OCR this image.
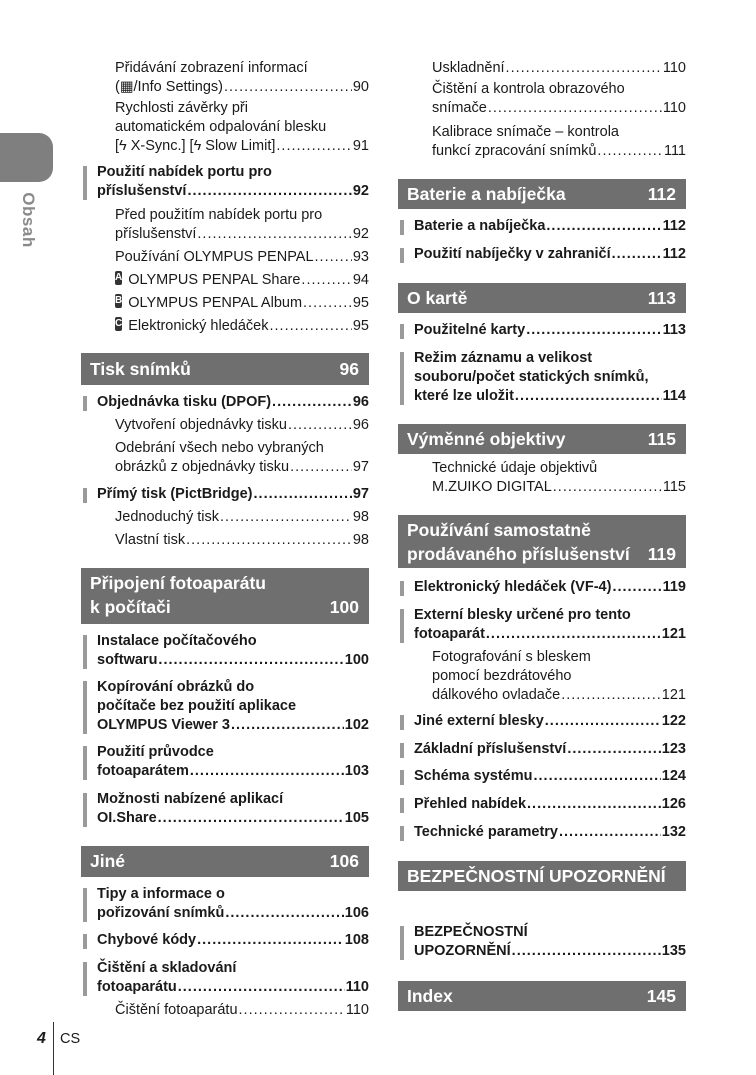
Obsah
Přidávání zobrazení informací
(▦/Info Settings) .....	90
Rychlosti závěrky při
automatickém odpalování blesku
[ϟ X-Sync.] [ϟ Slow Limit] .....	91
Použití nabídek portu pro
příslušenství .....	92
Před použitím nabídek portu pro
příslušenství .....	92
Používání OLYMPUS PENPAL .....	93
A OLYMPUS PENPAL Share .....	94
B OLYMPUS PENPAL Album .....	95
C Elektronický hledáček .....	95
Tisk snímků	96
Objednávka tisku (DPOF) .....	96
Vytvoření objednávky tisku .....	96
Odebrání všech nebo vybraných
obrázků z objednávky tisku .....	97
Přímý tisk (PictBridge) .....	97
Jednoduchý tisk .....	98
Vlastní tisk .....	98
Připojení fotoaparátu
k počítači	100
Instalace počítačového
softwaru .....	100
Kopírování obrázků do
počítače bez použití aplikace
OLYMPUS Viewer 3 .....	102
Použití průvodce
fotoaparátem .....	103
Možnosti nabízené aplikací
OI.Share .....	105
Jiné	106
Tipy a informace o
pořizování snímků .....	106
Chybové kódy .....	108
Čištění a skladování
fotoaparátu .....	110
Čištění fotoaparátu .....	110
Uskladnění .....	110
Čištění a kontrola obrazového
snímače .....	110
Kalibrace snímače – kontrola
funkcí zpracování snímků .....	111
Baterie a nabíječka	112
Baterie a nabíječka .....	112
Použití nabíječky v zahraničí .....	112
O kartě	113
Použitelné karty .....	113
Režim záznamu a velikost
souboru/počet statických snímků,
které lze uložit .....	114
Výměnné objektivy	115
Technické údaje objektivů
M.ZUIKO DIGITAL .....	115
Používání samostatně
prodávaného příslušenství 119
Elektronický hledáček (VF-4) .....	119
Externí blesky určené pro tento
fotoaparát .....	121
Fotografování s bleskem
pomocí bezdrátového
dálkového ovladače .....	121
Jiné externí blesky .....	122
Základní příslušenství .....	123
Schéma systému .....	124
Přehled nabídek .....	126
Technické parametry .....	132
BEZPEČNOSTNÍ UPOZORNĚNÍ
BEZPEČNOSTNÍ
UPOZORNĚNÍ .....	135
Index	145
4 CS
